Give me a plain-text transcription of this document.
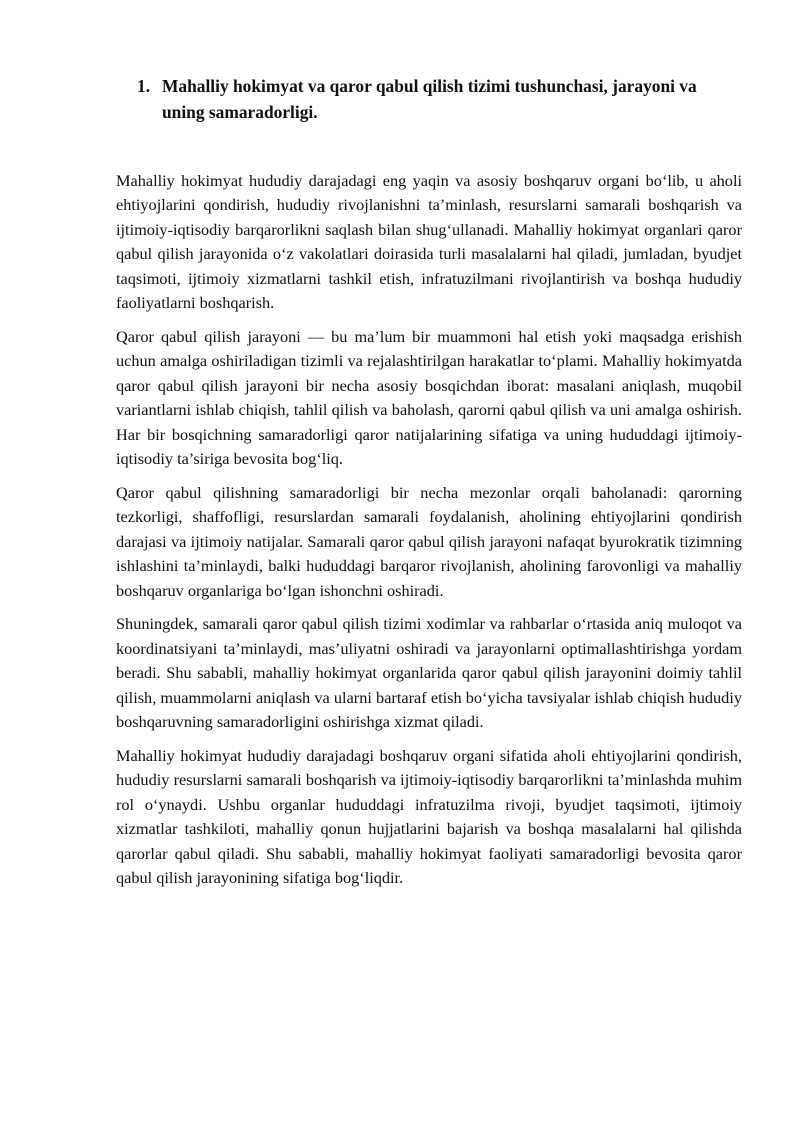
1. Mahalliy hokimyat va qaror qabul qilish tizimi tushunchasi, jarayoni va uning samaradorligi.

Mahalliy hokimyat hududiy darajadagi eng yaqin va asosiy boshqaruv organi bo‘lib, u aholi ehtiyojlarini qondirish, hududiy rivojlanishni ta’minlash, resurslarni samarali boshqarish va ijtimoiy-iqtisodiy barqarorlikni saqlash bilan shug‘ullanadi. Mahalliy hokimyat organlari qaror qabul qilish jarayonida o‘z vakolatlari doirasida turli masalalarni hal qiladi, jumladan, byudjet taqsimoti, ijtimoiy xizmatlarni tashkil etish, infratuzilmani rivojlantirish va boshqa hududiy faoliyatlarni boshqarish.

Qaror qabul qilish jarayoni — bu ma’lum bir muammoni hal etish yoki maqsadga erishish uchun amalga oshiriladigan tizimli va rejalashtirilgan harakatlar to‘plami. Mahalliy hokimyatda qaror qabul qilish jarayoni bir necha asosiy bosqichdan iborat: masalani aniqlash, muqobil variantlarni ishlab chiqish, tahlil qilish va baholash, qarorni qabul qilish va uni amalga oshirish. Har bir bosqichning samaradorligi qaror natijalarining sifatiga va uning hududdagi ijtimoiy-iqtisodiy ta’siriga bevosita bog‘liq.

Qaror qabul qilishning samaradorligi bir necha mezonlar orqali baholanadi: qarorning tezkorligi, shaffofligi, resurslardan samarali foydalanish, aholining ehtiyojlarini qondirish darajasi va ijtimoiy natijalar. Samarali qaror qabul qilish jarayoni nafaqat byurokratik tizimning ishlashini ta’minlaydi, balki hududdagi barqaror rivojlanish, aholining farovonligi va mahalliy boshqaruv organlariga bo‘lgan ishonchni oshiradi.

Shuningdek, samarali qaror qabul qilish tizimi xodimlar va rahbarlar o‘rtasida aniq muloqot va koordinatsiyani ta’minlaydi, mas’uliyatni oshiradi va jarayonlarni optimallashtirishga yordam beradi. Shu sababli, mahalliy hokimyat organlarida qaror qabul qilish jarayonini doimiy tahlil qilish, muammolarni aniqlash va ularni bartaraf etish bo‘yicha tavsiyalar ishlab chiqish hududiy boshqaruvning samaradorligini oshirishga xizmat qiladi.

Mahalliy hokimyat hududiy darajadagi boshqaruv organi sifatida aholi ehtiyojlarini qondirish, hududiy resurslarni samarali boshqarish va ijtimoiy-iqtisodiy barqarorlikni ta’minlashda muhim rol o‘ynaydi. Ushbu organlar hududdagi infratuzilma rivoji, byudjet taqsimoti, ijtimoiy xizmatlar tashkiloti, mahalliy qonun hujjatlarini bajarish va boshqa masalalarni hal qilishda qarorlar qabul qiladi. Shu sababli, mahalliy hokimyat faoliyati samaradorligi bevosita qaror qabul qilish jarayonining sifatiga bog‘liqdir.
